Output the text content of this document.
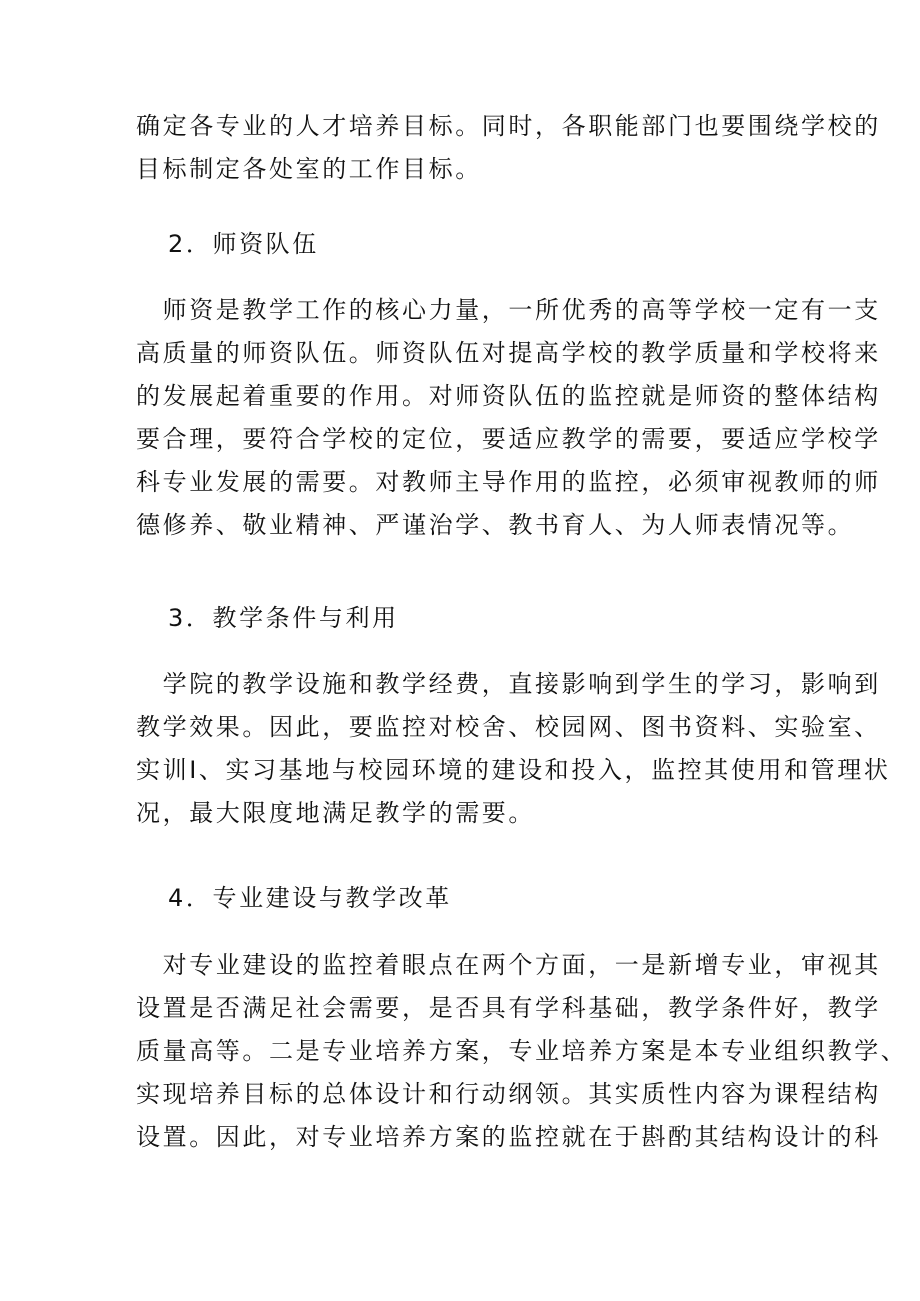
确定各专业的人才培养目标。同时，各职能部门也要围绕学校的
目标制定各处室的工作目标。
2．师资队伍
　师资是教学工作的核心力量，一所优秀的高等学校一定有一支
高质量的师资队伍。师资队伍对提高学校的教学质量和学校将来
的发展起着重要的作用。对师资队伍的监控就是师资的整体结构
要合理，要符合学校的定位，要适应教学的需要，要适应学校学
科专业发展的需要。对教师主导作用的监控，必须审视教师的师
德修养、敬业精神、严谨治学、教书育人、为人师表情况等。
3．教学条件与利用
　学院的教学设施和教学经费，直接影响到学生的学习，影响到
教学效果。因此，要监控对校舍、校园网、图书资料、实验室、
实训I、实习基地与校园环境的建设和投入，监控其使用和管理状
况，最大限度地满足教学的需要。
4．专业建设与教学改革
　对专业建设的监控着眼点在两个方面，一是新增专业，审视其
设置是否满足社会需要，是否具有学科基础，教学条件好，教学
质量高等。二是专业培养方案，专业培养方案是本专业组织教学、
实现培养目标的总体设计和行动纲领。其实质性内容为课程结构
设置。因此，对专业培养方案的监控就在于斟酌其结构设计的科
